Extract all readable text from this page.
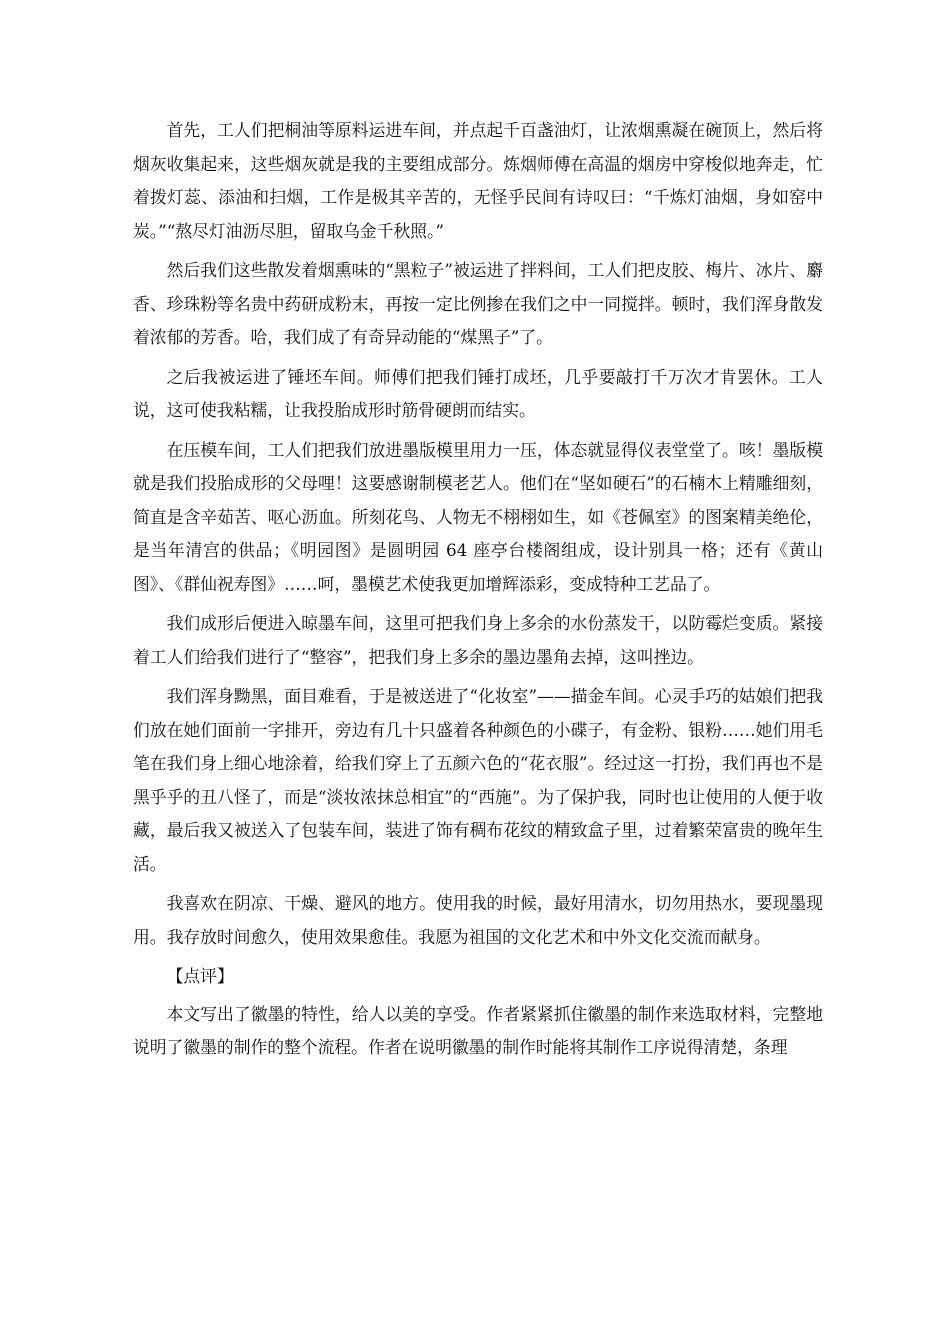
首先，工人们把桐油等原料运进车间，并点起千百盏油灯，让浓烟熏凝在碗顶上，然后将烟灰收集起来，这些烟灰就是我的主要组成部分。炼烟师傅在高温的烟房中穿梭似地奔走，忙着拨灯蕊、添油和扫烟，工作是极其辛苦的，无怪乎民间有诗叹曰：“千炼灯油烟，身如窑中炭。”“熬尽灯油沥尽胆，留取乌金千秋照。”

然后我们这些散发着烟熏味的“黑粒子”被运进了拌料间，工人们把皮胶、梅片、冰片、麝香、珍珠粉等名贵中药研成粉末，再按一定比例掺在我们之中一同搅拌。顿时，我们浑身散发着浓郁的芳香。哈，我们成了有奇异动能的“煤黑子”了。

之后我被运进了锤坯车间。师傅们把我们锤打成坯，几乎要敲打千万次才肯罢休。工人说，这可使我粘糯，让我投胎成形时筋骨硬朗而结实。

在压模车间，工人们把我们放进墨版模里用力一压，体态就显得仪表堂堂了。咳！墨版模就是我们投胎成形的父母哩！这要感谢制模老艺人。他们在“坚如硬石”的石楠木上精雕细刻，简直是含辛茹苦、呕心沥血。所刻花鸟、人物无不栩栩如生，如《苍佩室》的图案精美绝伦，是当年清宫的供品；《明园图》是圆明园 64 座亭台楼阁组成，设计别具一格；还有《黄山图》、《群仙祝寿图》……呵，墨模艺术使我更加增辉添彩，变成特种工艺品了。

我们成形后便进入晾墨车间，这里可把我们身上多余的水份蒸发干，以防霉烂变质。紧接着工人们给我们进行了“整容”，把我们身上多余的墨边墨角去掉，这叫挫边。

我们浑身黝黑，面目难看，于是被送进了“化妆室”——描金车间。心灵手巧的姑娘们把我们放在她们面前一字排开，旁边有几十只盛着各种颜色的小碟子，有金粉、银粉……她们用毛笔在我们身上细心地涂着，给我们穿上了五颜六色的“花衣服”。经过这一打扮，我们再也不是黑乎乎的丑八怪了，而是“淡妆浓抹总相宜”的“西施”。为了保护我，同时也让使用的人便于收藏，最后我又被送入了包装车间，装进了饰有稠布花纹的精致盒子里，过着繁荣富贵的晚年生活。

我喜欢在阴凉、干燥、避风的地方。使用我的时候，最好用清水，切勿用热水，要现墨现用。我存放时间愈久，使用效果愈佳。我愿为祖国的文化艺术和中外文化交流而献身。

【点评】

本文写出了徽墨的特性，给人以美的享受。作者紧紧抓住徽墨的制作来选取材料，完整地说明了徽墨的制作的整个流程。作者在说明徽墨的制作时能将其制作工序说得清楚，条理
